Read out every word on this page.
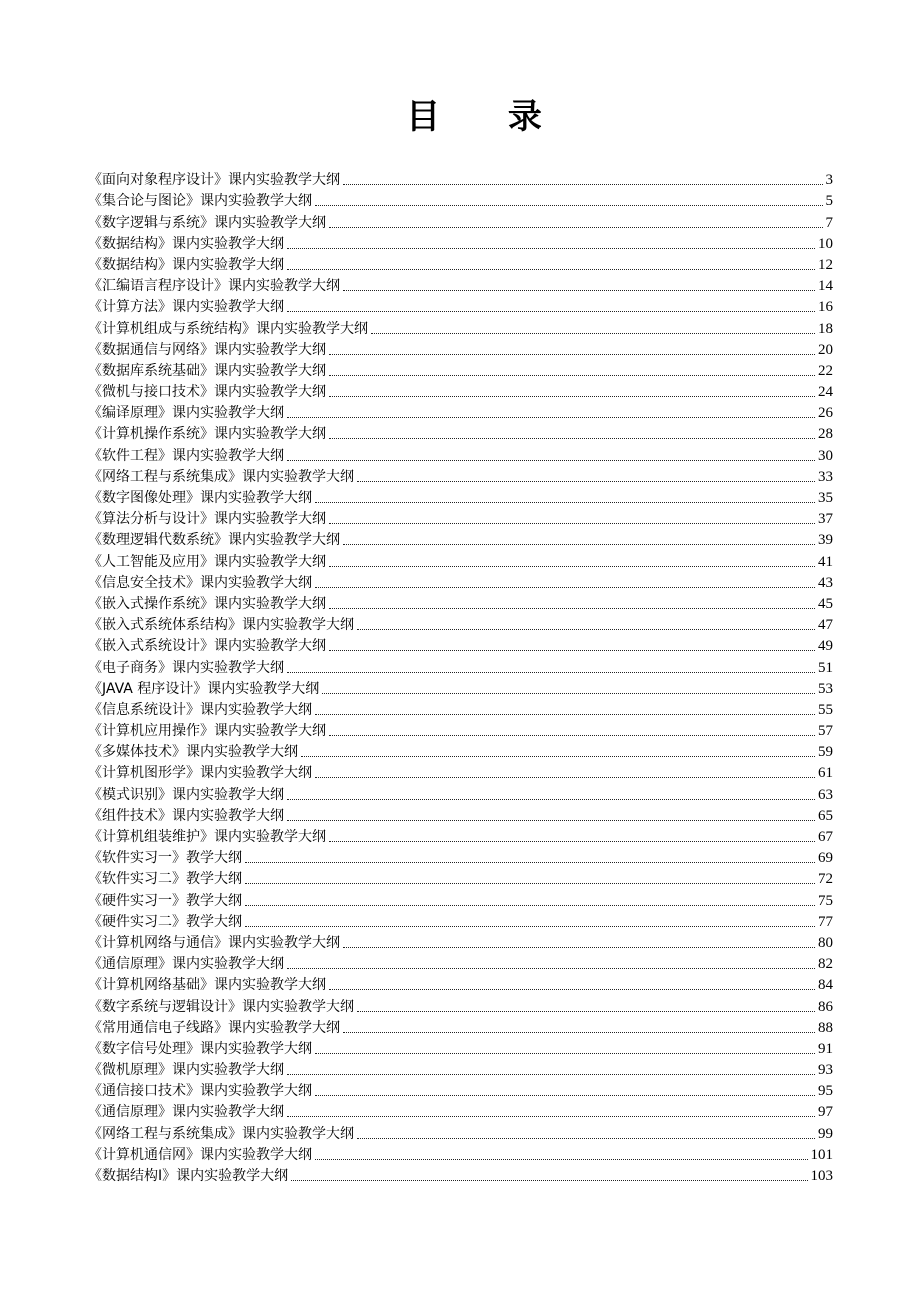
目 录
《面向对象程序设计》课内实验教学大纲	3
《集合论与图论》课内实验教学大纲	5
《数字逻辑与系统》课内实验教学大纲	7
《数据结构》课内实验教学大纲	10
《数据结构》课内实验教学大纲	12
《汇编语言程序设计》课内实验教学大纲	14
《计算方法》课内实验教学大纲	16
《计算机组成与系统结构》课内实验教学大纲	18
《数据通信与网络》课内实验教学大纲	20
《数据库系统基础》课内实验教学大纲	22
《微机与接口技术》课内实验教学大纲	24
《编译原理》课内实验教学大纲	26
《计算机操作系统》课内实验教学大纲	28
《软件工程》课内实验教学大纲	30
《网络工程与系统集成》课内实验教学大纲	33
《数字图像处理》课内实验教学大纲	35
《算法分析与设计》课内实验教学大纲	37
《数理逻辑代数系统》课内实验教学大纲	39
《人工智能及应用》课内实验教学大纲	41
《信息安全技术》课内实验教学大纲	43
《嵌入式操作系统》课内实验教学大纲	45
《嵌入式系统体系结构》课内实验教学大纲	47
《嵌入式系统设计》课内实验教学大纲	49
《电子商务》课内实验教学大纲	51
《JAVA 程序设计》课内实验教学大纲	53
《信息系统设计》课内实验教学大纲	55
《计算机应用操作》课内实验教学大纲	57
《多媒体技术》课内实验教学大纲	59
《计算机图形学》课内实验教学大纲	61
《模式识别》课内实验教学大纲	63
《组件技术》课内实验教学大纲	65
《计算机组装维护》课内实验教学大纲	67
《软件实习一》教学大纲	69
《软件实习二》教学大纲	72
《硬件实习一》教学大纲	75
《硬件实习二》教学大纲	77
《计算机网络与通信》课内实验教学大纲	80
《通信原理》课内实验教学大纲	82
《计算机网络基础》课内实验教学大纲	84
《数字系统与逻辑设计》课内实验教学大纲	86
《常用通信电子线路》课内实验教学大纲	88
《数字信号处理》课内实验教学大纲	91
《微机原理》课内实验教学大纲	93
《通信接口技术》课内实验教学大纲	95
《通信原理》课内实验教学大纲	97
《网络工程与系统集成》课内实验教学大纲	99
《计算机通信网》课内实验教学大纲	101
《数据结构Ⅰ》课内实验教学大纲	103
